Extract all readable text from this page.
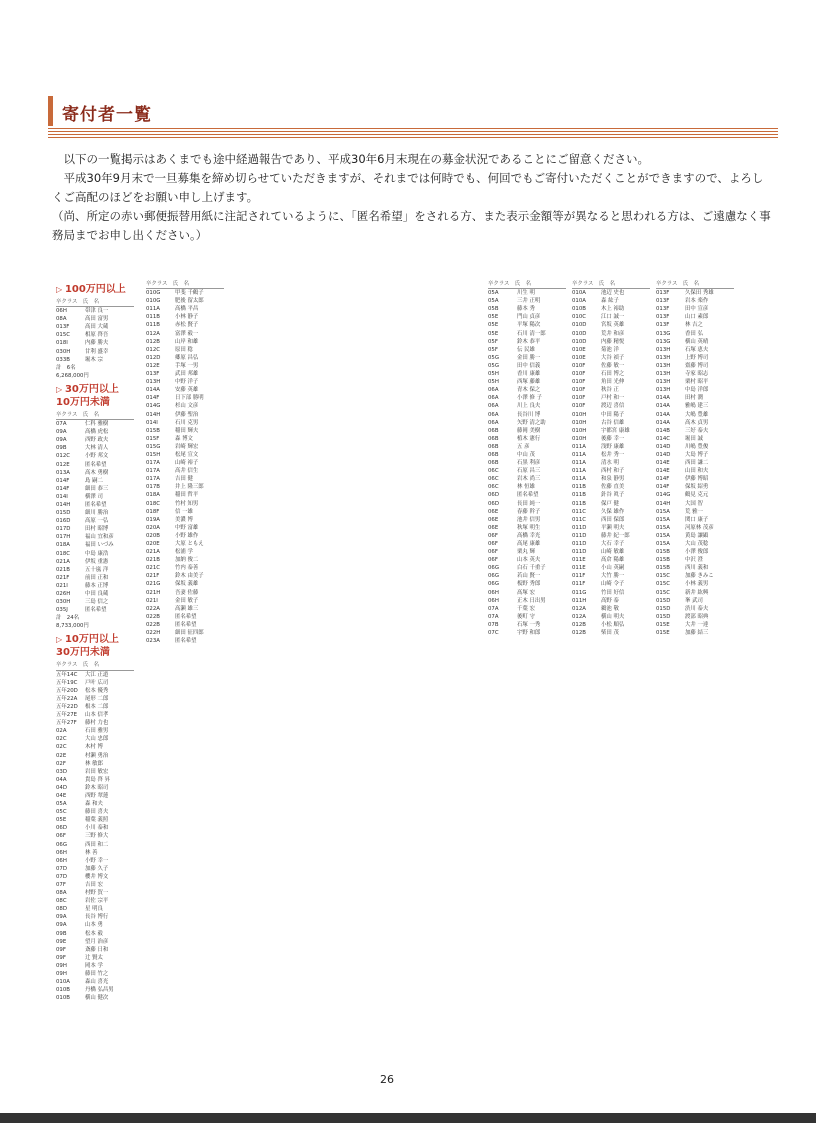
寄付者一覧

以下の一覧掲示はあくまでも途中経過報告であり、平成30年6月末現在の募金状況であることにご留意ください。

平成30年9月末で一旦募集を締め切らせていただきますが、それまでは何時でも、何回でもご寄付いただくことができますので、よろしくご高配のほどをお願い申し上げます。

（尚、所定の赤い郵便振替用紙に注記されているように、「匿名希望」をされる方、また表示金額等が異なると思われる方は、ご遠慮なく事務局までお申し出ください。）

▷ 100万円以上
卒クラス　氏　名
06H	帯津 良一
08A	高田 富男
013F	高田 大蔵
015C	相原 啓吾
018I	内藤 勝夫
030H	甘利 盛幸
033B	堀木 宗
計　6名
6,268,000円
▷ 30万円以上 10万円未満
卒クラス　氏　名
07A	仁科 雅樹
09A	高橋 虎松
09A	西野 政夫
09B	大林 清人
012C	小野 邦文
012E	匿名希望
013A	高木 勇樹
014F	島 嗣二
014F	細田 恭三
014I	横澤 司
014H	匿名希望
015D	細川 勝治
016D	高原 一弘
017D	田村 昭博
017H	福山 宜和彦
018A	福田 いづみ
018C	中島 康浩
021A	伊坂 重憲
021B	五十嵐 洋
021F	前田 正和
021I	藤本 正博
026H	中田 良蔵
030H	三島 信之
035J	匿名希望
計　24名
8,733,000円
▷ 10万円以上 30万円未満
卒クラス　氏　名
五年14C	大江 正道
五年19C	戸叶 広司
五年20D	松本 優秀
五年22A	尾形 二郎
五年22D	根本 二郎
五年27E	山本 信孝
五年27F	藤村 力也
02A	石田 雅男
02C	大山 忠郎
02C	木村 博
02E	村瀬 勇治
02F	林 敏郎
03D	岩田 敏宏
04A	貴島 啓 昇
04D	鈴木 昭司
04E	西野 翠蓮
05A	森 和夫
05C	藤田 喜夫
05E	稲葉 義照
06D	小川 泰和
06F	三野 修大
06G	西田 和二
06H	林 善
06H	小野 幸一
07D	加藤 久子
07D	櫻井 博文
07F	吉田 宏
08A	村野 賀一
08C	岩佐 宗平
08D	星 明良
09A	長谷 博行
09A	山本 勇
09B	松本 毅
09E	望月 治彦
09F	斎藤 日和
09F	辻 賢太
09H	岡本 学
09H	藤田 竹之
010A	森山 喜光
010B	丹橋 弘昌男
010B	横山 健次
卒クラス　氏　名
010G	甲斐 千鶴子
010G	肥後 留太郎
011A	高橋 平昌
011B	小林 静子
011B	赤松 賢子
012A	富澤 毅一
012B	山岸 和雄
012C	原田 稔
012D	郷原 昌弘
012E	手塚 一男
013F	武田 邦雄
013H	中野 洋子
014A	安藤 英雄
014F	日下部 勝明
014G	杉山 文彦
014H	伊藤 聖治
014I	石川 克男
015B	稲田 輝夫
015F	森 博文
015G	岩崎 輝宏
015H	松尾 宣文
017A	山崎 裕子
017A	高井 信生
017A	吉田 健
017B	井上 隆三郎
018A	稲田 哲平
018C	竹村 知男
018F	信 一雄
019A	美濃 博
020A	中野 富雄
020B	小野 雄作
020E	大原 ともえ
021A	松浦 学
021B	加納 俊二
021C	竹内 泰善
021F	鈴木 由美子
021G	保坂 義雄
021H	吾妻 佐藤
021I	金田 敏子
022A	高瀬 雄三
022B	匿名希望
022B	匿名希望
022H	細田 征四郎
023A	匿名希望
卒クラス　氏　名
05A	川生 明
05A	三井 正明
05B	藤本 秀
05E	門山 貞彦
05E	平塚 陽次
05E	石川 清一郎
05F	鈴木 恭平
05F	伝 民雄
05G	金田 勝一
05G	田中 信義
05H	香川 康雄
05H	西塚 藤雄
06A	青木 保之
06A	小澤 修 子
06A	川上 良夫
06A	長谷川 博
06A	矢野 清之助
06B	藤岡 美樹
06B	植木 憲行
06B	五 彦
06B	中山 茂
06B	石黒 利彦
06C	石原 昌三
06C	岩木 尚三
06C	林 恒雄
06D	匿名希望
06D	長田 純一
06E	春藤 幹子
06E	池井 信男
06E	秋塚 明生
06F	高橋 幸光
06F	高尾 康雄
06F	栗丸 輝
06F	山本 英夫
06G	白石 千重子
06G	若山 賢一
06G	板野 秀郎
06H	髙塚 宏
06H	正木 日出男
07A	千葉 宏
07A	後町 守
07B	石塚 一秀
07C	宇野 和郎
卒クラス　氏　名
010A	池辺 史也
010A	森 紘子
010B	木上 裕助
010C	江口 誠一
010D	宮坂 英雄
010D	荒井 和彦
010D	内藤 精悦
010E	菊池 洋
010E	大谷 禎子
010F	佐藤 敏一
010F	石田 博之
010F	角田 光伸
010F	秋谷 正
010F	戸村 和一
010F	渡辺 喜信
010H	中田 陽子
010H	古谷 信雄
010H	宇都宮 康雄
010H	後藤 幸一
011A	浅野 康雄
011A	松井 秀一
011A	清水 明
011A	西村 和子
011A	和泉 静男
011B	佐藤 直美
011B	針谷 眞子
011B	保戸 健
011C	久保 雄作
011C	西田 保郎
011D	平瀬 明夫
011D	藤井 紀一郎
011D	大石 幸子
011D	山崎 敏雄
011E	髙倉 陽雄
011E	小山 英嗣
011F	大竹 勝一
011F	山崎 令子
011G	竹田 好信
011H	高野 泰
012A	鵜池 敬
012A	横山 明夫
012B	小松 順弘
012B	柴田 茂
卒クラス　氏　名
013F	久保田 秀雄
013F	岩本 楽作
013F	田中 宣彦
013F	山口 素郎
013F	林 吉之
013G	香田 弘
013G	横山 英晴
013H	石塚 恵夫
013H	上野 博司
013H	齋藤 博司
013H	寺家 昭志
013H	栗村 昭平
013H	中島 洋郎
014A	田村 潤
014A	雅嶋 建三
014A	大嶋 豊雄
014A	高木 貞男
014B	三好 泰夫
014C	堀田 誠
014D	川嶋 豊俊
014D	大島 博子
014E	西田 謙二
014E	山田 和夫
014F	伊藤 博昭
014F	保坂 紹勇
014G	鶴見 克元
014H	大国 智
015A	荒 雅一
015A	関口 康子
015A	河原林 茂彦
015A	黄島 讓顕
015A	大山 茂稔
015B	小澤 俊郎
015B	中沢 澄
015B	西川 義和
015C	加藤 きみこ
015C	小林 義男
015C	新井 紘興
015D	峯 武司
015D	渋川 泰夫
015D	渡部 昭典
015E	大井 一達
015E	加藤 結三
26
